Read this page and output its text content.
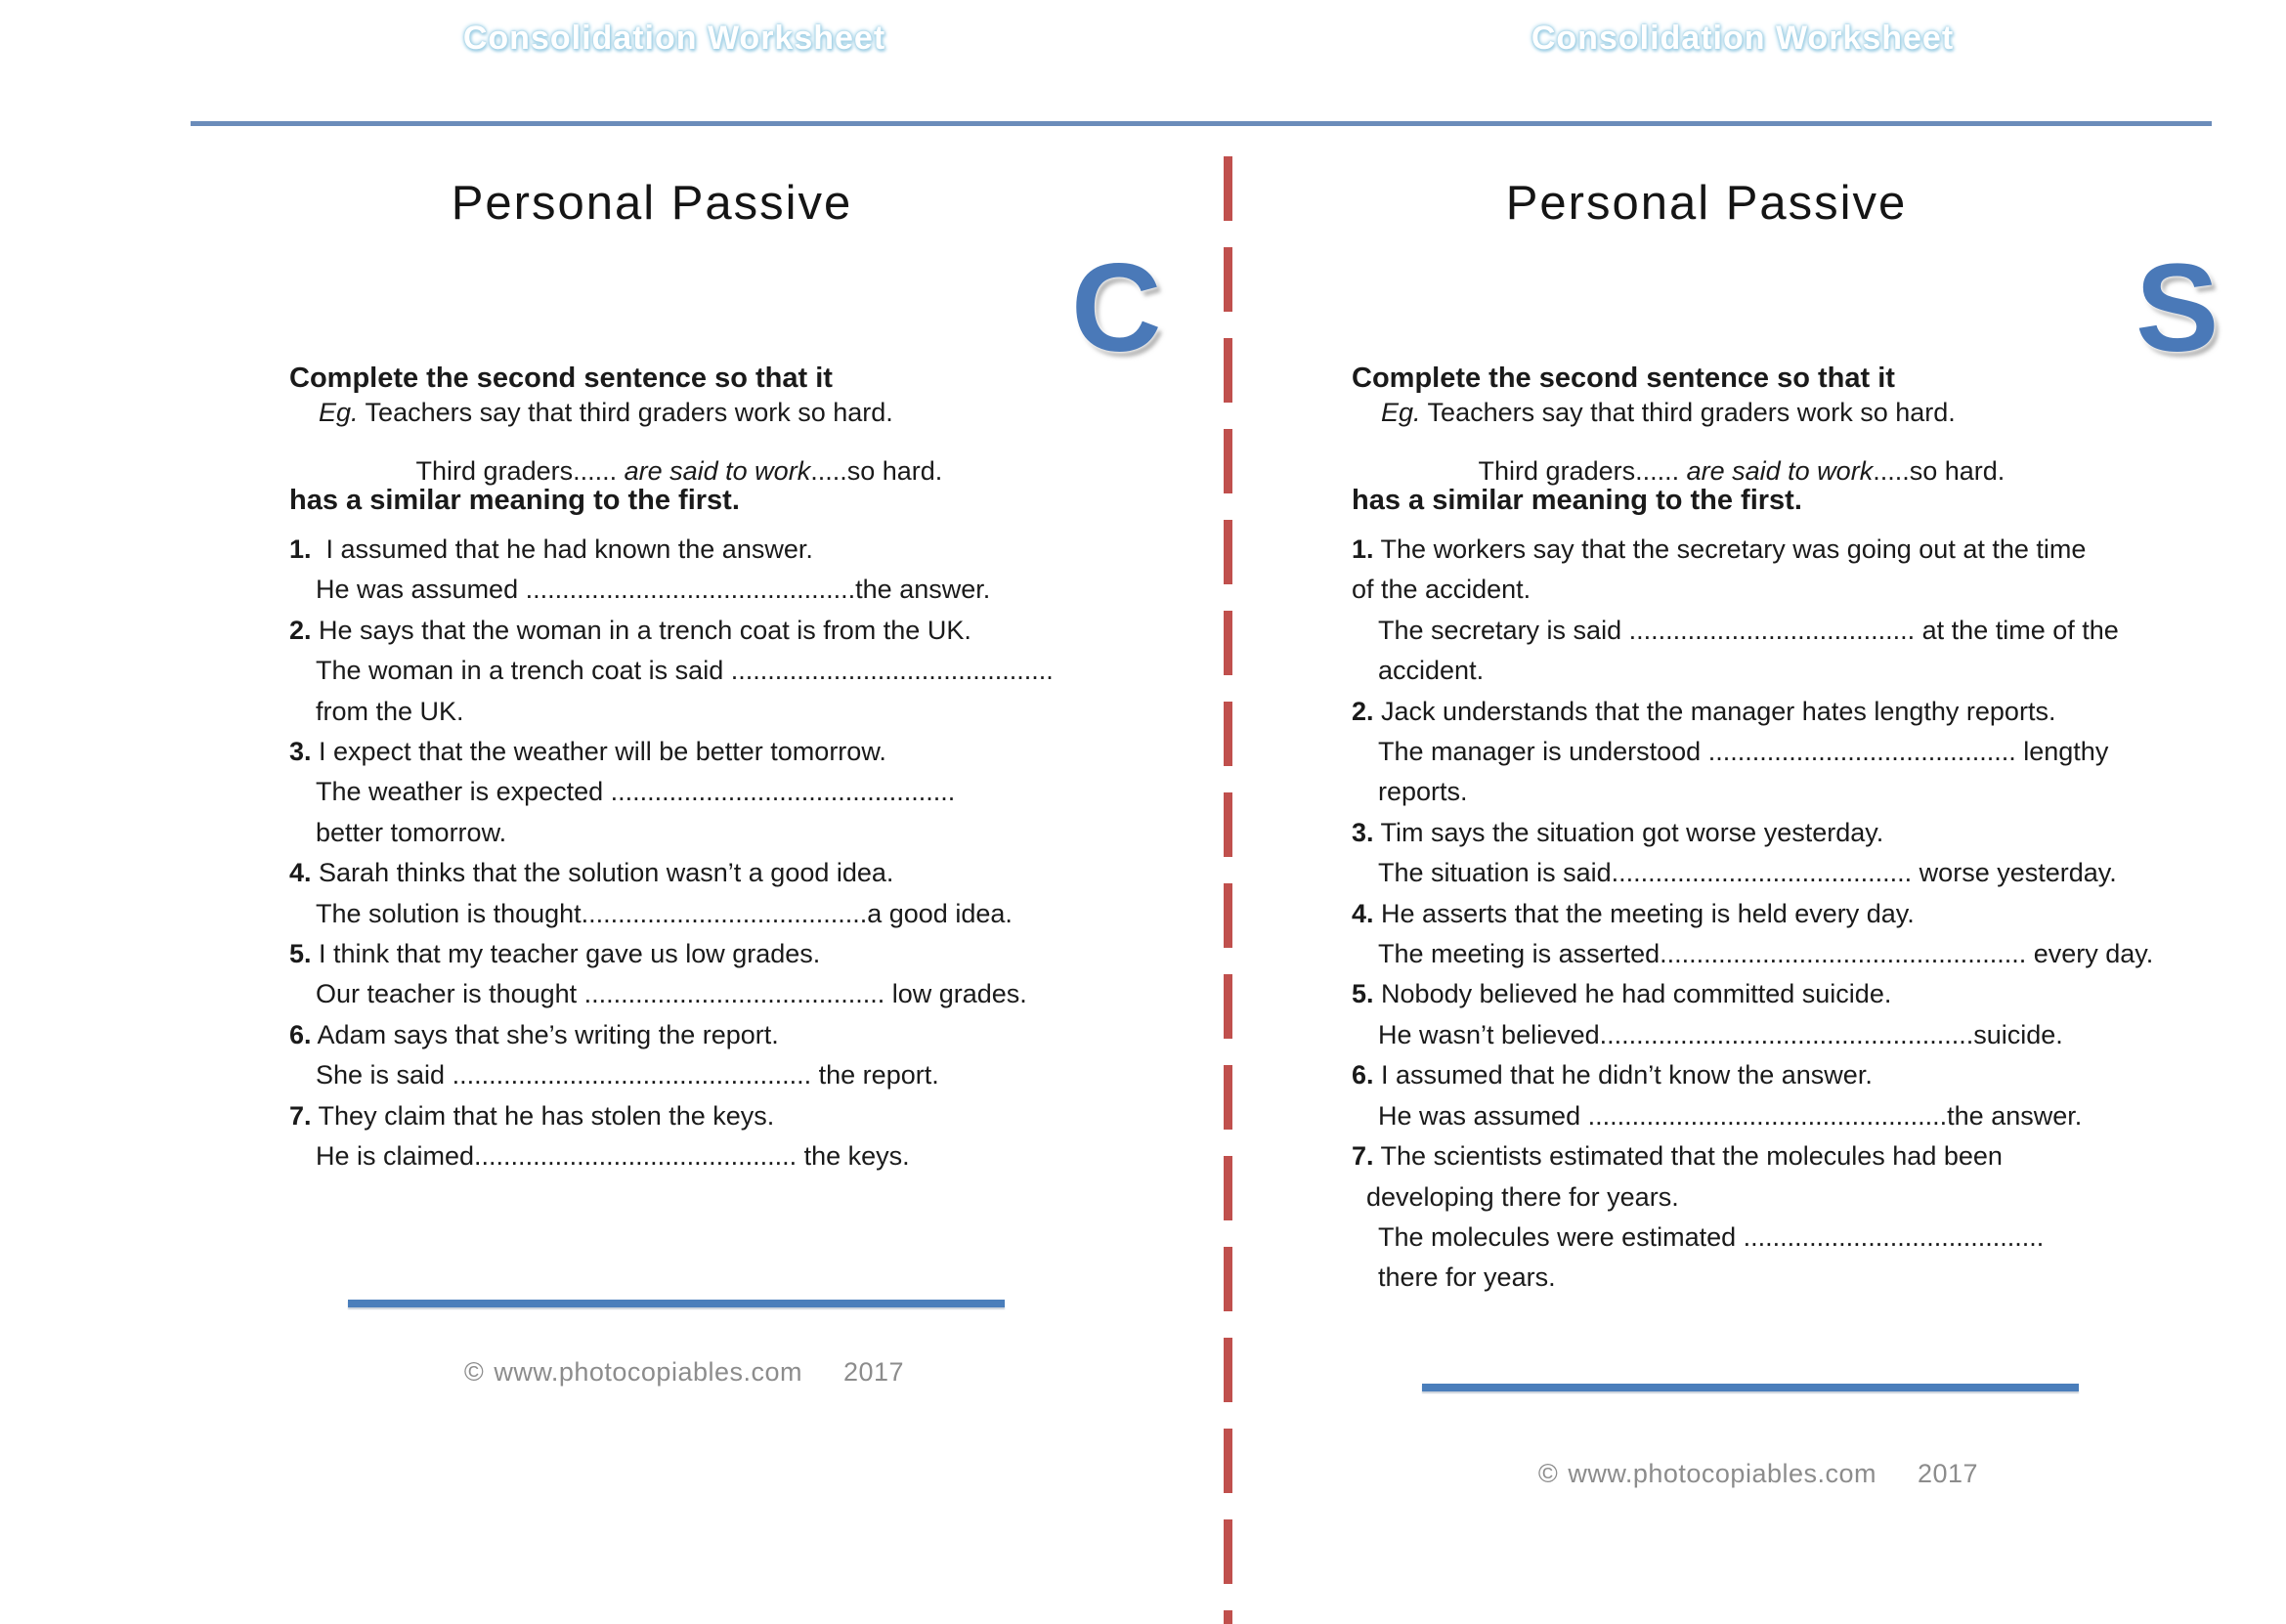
Consolidation Worksheet	Consolidation Worksheet
Personal Passive

Complete the second sentence so that it

has a similar meaning to the first.

Eg. Teachers say that third graders work so hard.

Third graders...... are said to work.....so hard.

1.  I assumed that he had known the answer.
He was assumed .............................................the answer.
2. He says that the woman in a trench coat is from the UK.
The woman in a trench coat is said ............................................
from the UK.
3. I expect that the weather will be better tomorrow.
The weather is expected ...............................................
better tomorrow.
4. Sarah thinks that the solution wasn’t a good idea.
The solution is thought.......................................a good idea.
5. I think that my teacher gave us low grades.
Our teacher is thought ......................................... low grades.
6. Adam says that she’s writing the report.
She is said ................................................. the report.
7. They claim that he has stolen the keys.
He is claimed............................................ the keys.
Personal Passive

Complete the second sentence so that it

has a similar meaning to the first.

Eg. Teachers say that third graders work so hard.

Third graders...... are said to work.....so hard.

1. The workers say that the secretary was going out at the time
of the accident.
The secretary is said ....................................... at the time of the
accident.
2. Jack understands that the manager hates lengthy reports.
The manager is understood .......................................... lengthy
reports.
3. Tim says the situation got worse yesterday.
The situation is said......................................... worse yesterday.
4. He asserts that the meeting is held every day.
The meeting is asserted.................................................. every day.
5. Nobody believed he had committed suicide.
He wasn’t believed...................................................suicide.
6. I assumed that he didn’t know the answer.
He was assumed .................................................the answer.
7. The scientists estimated that the molecules had been
developing there for years.
The molecules were estimated .........................................
there for years.
C	S

© www.photocopiables.com 2017

© www.photocopiables.com 2017
